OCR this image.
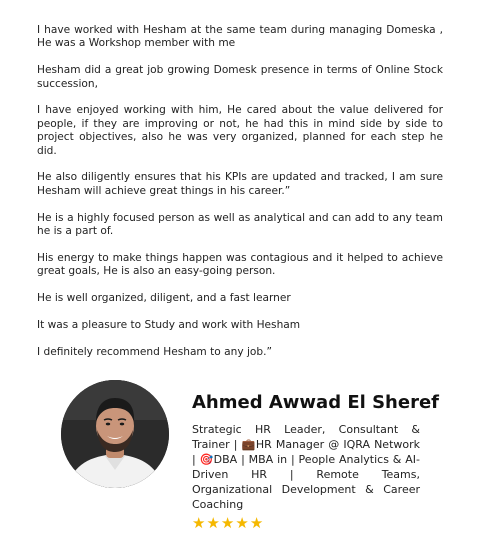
I have worked with Hesham at the same team during managing Domeska , He was a Workshop member with me

Hesham did a great job growing Domesk presence in terms of Online Stock succession,

I have enjoyed working with him, He cared about the value delivered for people, if they are improving or not, he had this in mind side by side to project objectives, also he was very organized, planned for each step he did.

He also diligently ensures that his KPIs are updated and tracked, I am sure Hesham will achieve great things in his career.”

He is a highly focused person as well as analytical and can add to any team he is a part of.

His energy to make things happen was contagious and it helped to achieve great goals, He is also an easy-going person.

He is well organized, diligent, and a fast learner

It was a pleasure to Study and work with Hesham

I definitely recommend Hesham to any job.”

Ahmed Awwad El Sheref
Strategic HR Leader, Consultant & Trainer | 💼HR Manager @ IQRA Network | 🎯DBA | MBA in | People Analytics & AI-Driven HR | Remote Teams, Organizational Development & Career Coaching
★ ★ ★ ★ ★
